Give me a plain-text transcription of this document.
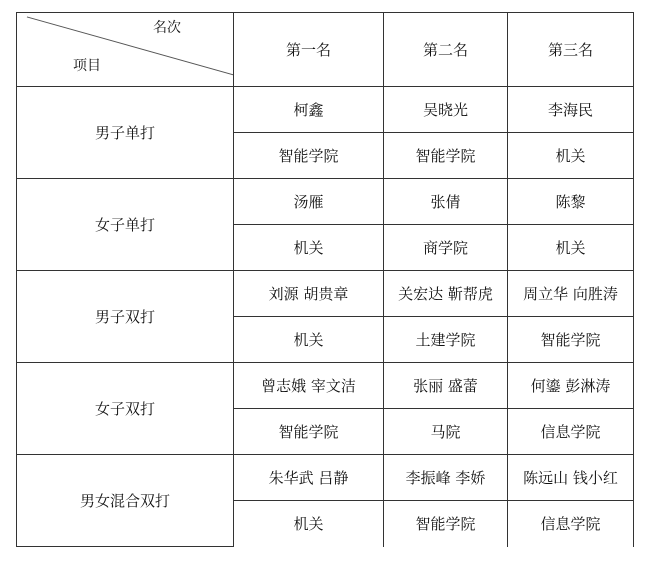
名次
项目	第一名	第二名	第三名
男子单打	柯鑫	吴晓光	李海民
	智能学院	智能学院	机关
女子单打	汤雁	张倩	陈黎
	机关	商学院	机关
男子双打	刘源 胡贵章	关宏达 靳帮虎	周立华 向胜涛
	机关	土建学院	智能学院
女子双打	曾志娥 宰文洁	张丽 盛蕾	何鎏 彭淋涛
	智能学院	马院	信息学院
男女混合双打	朱华武 吕静	李振峰 李娇	陈远山 钱小红
	机关	智能学院	信息学院
